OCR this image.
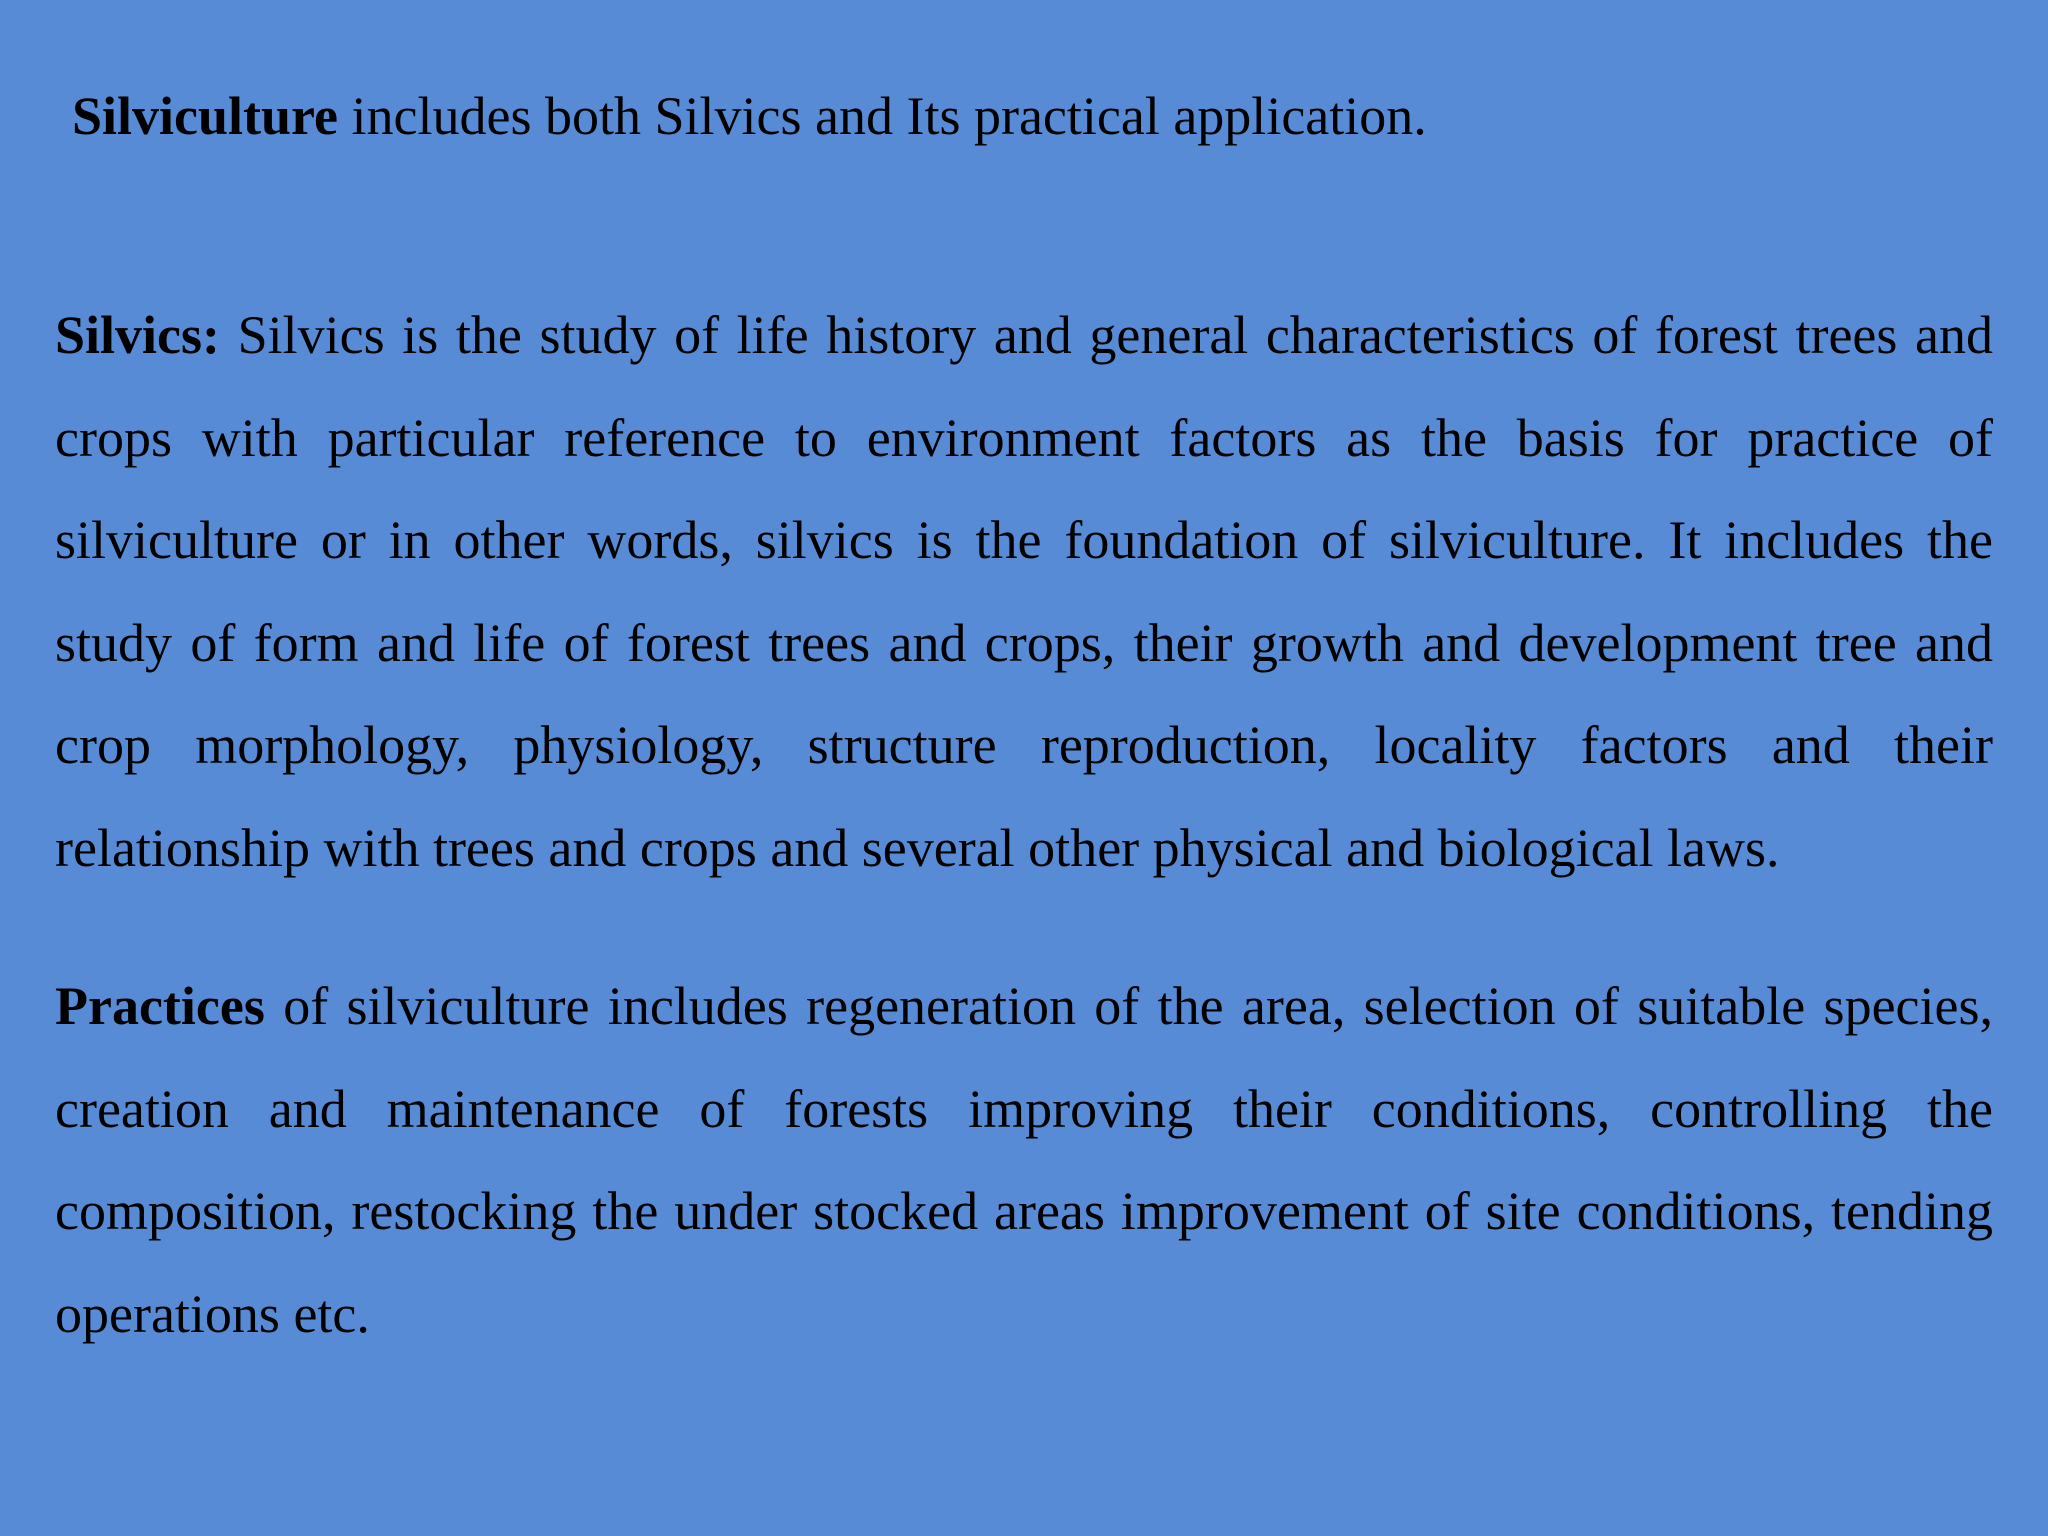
Silviculture includes both Silvics and Its practical application.

Silvics: Silvics is the study of life history and general characteristics of forest trees and crops with particular reference to environment factors as the basis for practice of silviculture or in other words, silvics is the foundation of silviculture. It includes the study of form and life of forest trees and crops, their growth and development tree and crop morphology, physiology, structure reproduction, locality factors and their relationship with trees and crops and several other physical and biological laws.

Practices of silviculture includes regeneration of the area, selection of suitable species, creation and maintenance of forests improving their conditions, controlling the composition, restocking the under stocked areas improvement of site conditions, tending operations etc.
